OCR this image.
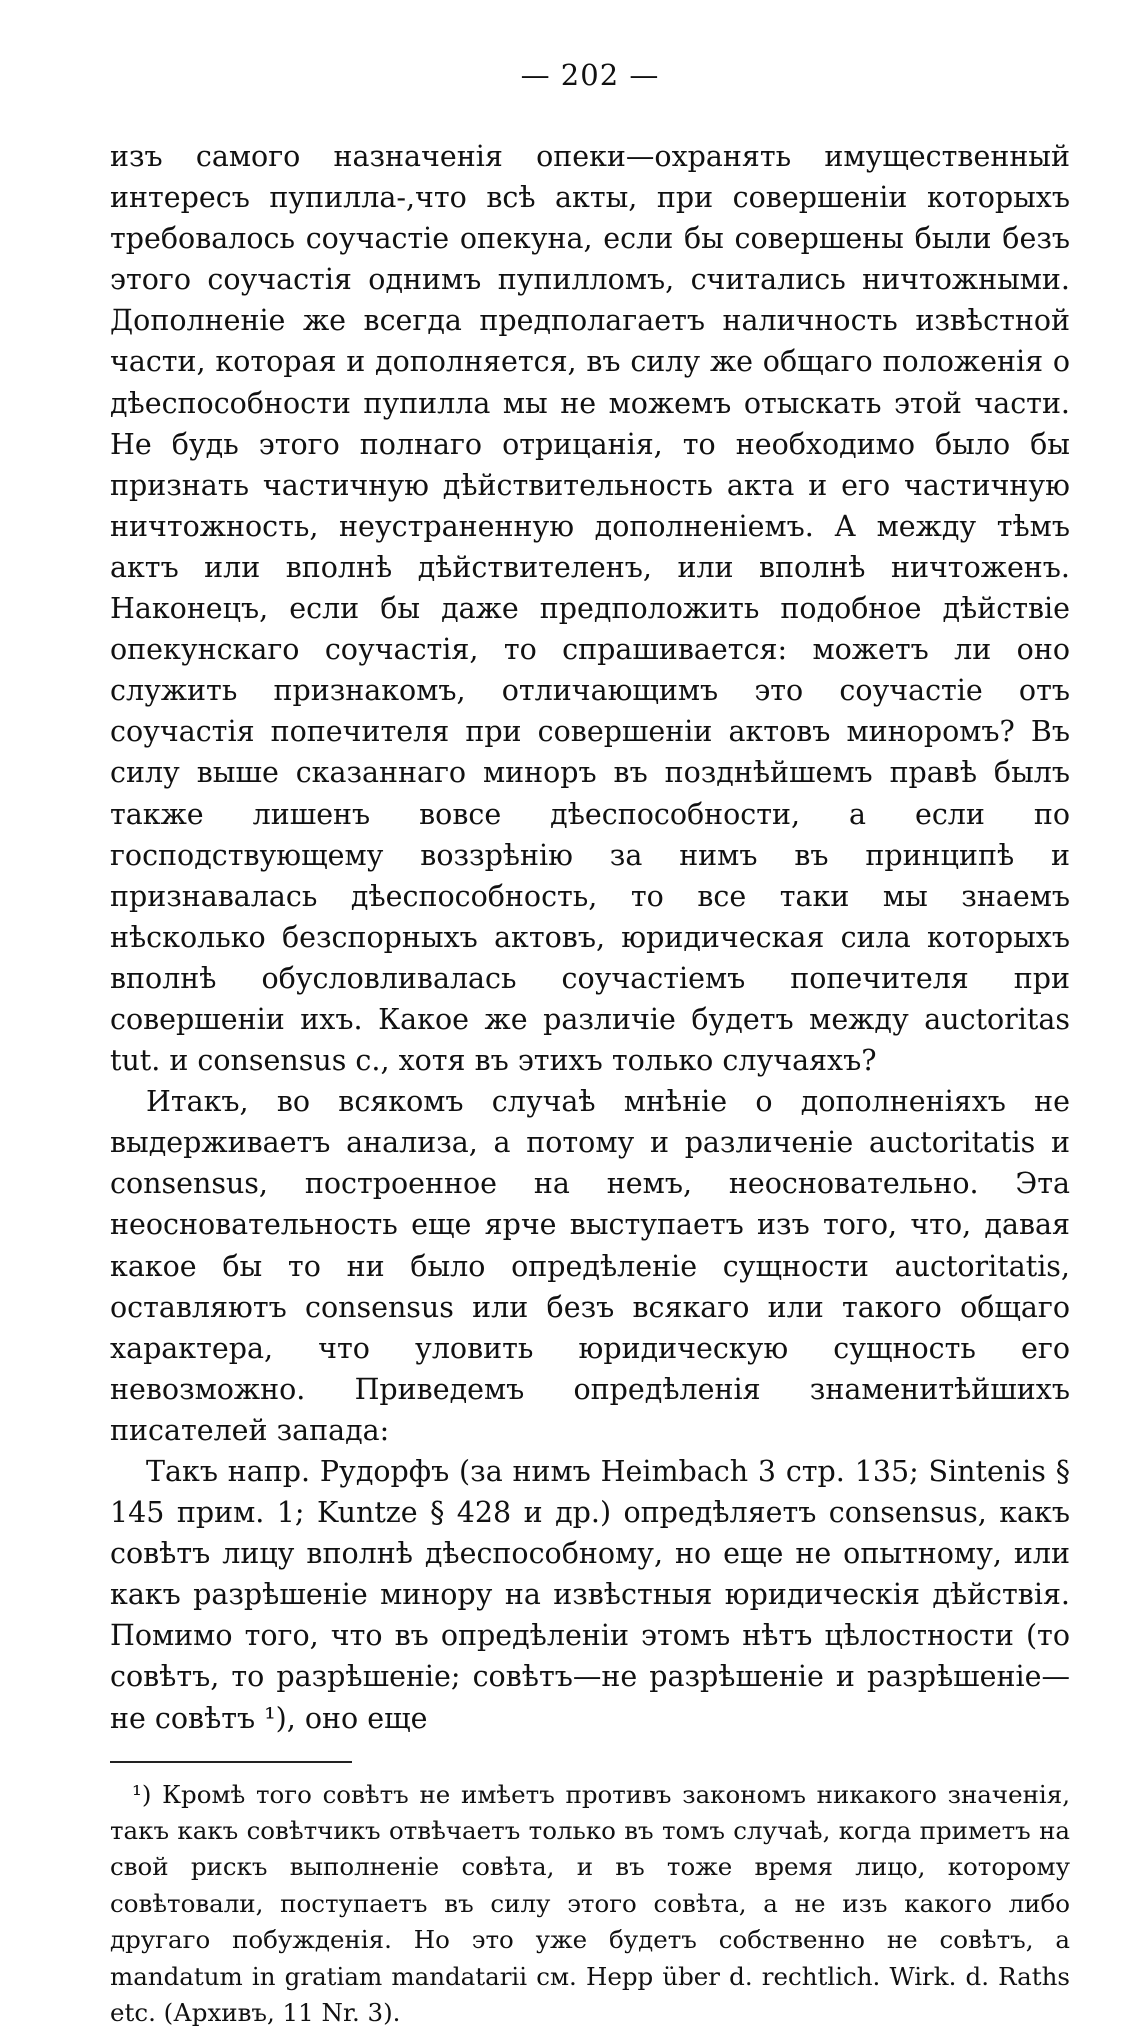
— 202 —

изъ самого назначенія опеки—охранять имущественный интересъ пупилла-,что всѣ акты, при совершеніи которыхъ требовалось соучастіе опекуна, если бы совершены были безъ этого соучастія однимъ пупилломъ, считались ничтожными. Дополненіе же всегда предполагаетъ наличность извѣстной части, которая и дополняется, въ силу же общаго положенія о дѣеспособности пупилла мы не можемъ отыскать этой части. Не будь этого полнаго отрицанія, то необходимо было бы признать частичную дѣйствительность акта и его частичную ничтожность, неустраненную дополненіемъ. А между тѣмъ актъ или вполнѣ дѣйствителенъ, или вполнѣ ничтоженъ. Наконецъ, если бы даже предположить подобное дѣйствіе опекунскаго соучастія, то спрашивается: можетъ ли оно служить признакомъ, отличающимъ это соучастіе отъ соучастія попечителя при совершеніи актовъ миноромъ? Въ силу выше сказаннаго миноръ въ позднѣйшемъ правѣ былъ также лишенъ вовсе дѣеспособности, а если по господствующему воззрѣнію за нимъ въ принципѣ и признавалась дѣеспособность, то все таки мы знаемъ нѣсколько безспорныхъ актовъ, юридическая сила которыхъ вполнѣ обусловливалась соучастіемъ попечителя при совершеніи ихъ. Какое же различіе будетъ между auctoritas tut. и consensus c., хотя въ этихъ только случаяхъ?

Итакъ, во всякомъ случаѣ мнѣніе о дополненіяхъ не выдерживаетъ анализа, а потому и различеніе auctoritatis и consensus, построенное на немъ, неосновательно. Эта неосновательность еще ярче выступаетъ изъ того, что, давая какое бы то ни было опредѣленіе сущности auctoritatis, оставляютъ consensus или безъ всякаго или такого общаго характера, что уловить юридическую сущность его невозможно. Приведемъ опредѣленія знаменитѣйшихъ писателей запада:

Такъ напр. Рудорфъ (за нимъ Heimbach 3 стр. 135; Sintenis § 145 прим. 1; Kuntze § 428 и др.) опредѣляетъ consensus, какъ совѣтъ лицу вполнѣ дѣеспособному, но еще не опытному, или какъ разрѣшеніе минору на извѣстныя юридическія дѣйствія. Помимо того, что въ опредѣленіи этомъ нѣтъ цѣлостности (то совѣтъ, то разрѣшеніе; совѣтъ—не разрѣшеніе и разрѣшеніе—не совѣтъ ¹), оно еще

¹) Кромѣ того совѣтъ не имѣетъ противъ закономъ никакого значенія, такъ какъ совѣтчикъ отвѣчаетъ только въ томъ случаѣ, когда приметъ на свой рискъ выполненіе совѣта, и въ тоже время лицо, которому совѣтовали, поступаетъ въ силу этого совѣта, а не изъ какого либо другаго побужденія. Но это уже будетъ собственно не совѣтъ, а mandatum in gratiam mandatarii см. Hepp über d. rechtlich. Wirk. d. Raths etc. (Архивъ, 11 Nr. 3).
